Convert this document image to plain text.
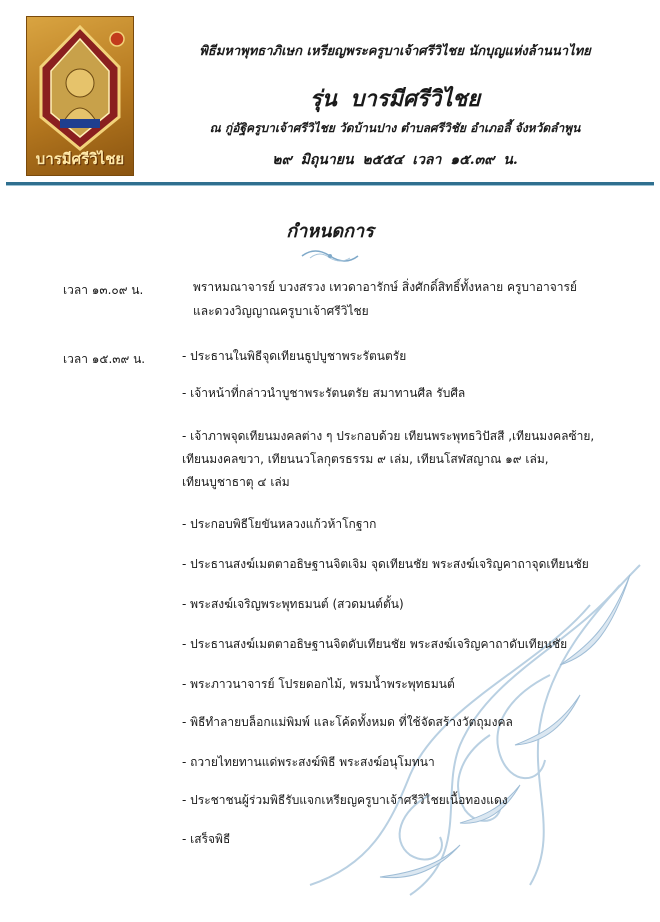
บารมีศรีวิไชย
พิธีมหาพุทธาภิเษก เหรียญพระครูบาเจ้าศรีวิไชย นักบุญแห่งล้านนาไทย
รุ่น บารมีศรีวิไชย
ณ กู่อัฐิครูบาเจ้าศรีวิไชย วัดบ้านปาง ตำบลศรีวิชัย อำเภอลี้ จังหวัดลำพูน
๒๙ มิถุนายน ๒๕๕๔ เวลา ๑๕.๓๙ น.
กำหนดการ
เวลา ๑๓.๐๙ น.	พราหมณาจารย์ บวงสรวง เทวดาอารักษ์ สิ่งศักดิ์สิทธิ์ทั้งหลาย ครูบาอาจารย์
และดวงวิญญาณครูบาเจ้าศรีวิไชย
เวลา ๑๕.๓๙ น.	- ประธานในพิธีจุดเทียนธูปบูชาพระรัตนตรัย
- เจ้าหน้าที่กล่าวนำบูชาพระรัตนตรัย สมาทานศีล รับศีล
- เจ้าภาพจุดเทียนมงคลต่าง ๆ ประกอบด้วย เทียนพระพุทธวิปัสสี ,เทียนมงคลซ้าย,
เทียนมงคลขวา, เทียนนวโลกุตรธรรม ๙ เล่ม, เทียนโสฬสญาณ ๑๙ เล่ม,
เทียนบูชาธาตุ ๔ เล่ม
- ประกอบพิธีโยขันหลวงแก้วห้าโกฐาก
- ประธานสงฆ์เมตตาอธิษฐานจิตเจิม จุดเทียนชัย พระสงฆ์เจริญคาถาจุดเทียนชัย
- พระสงฆ์เจริญพระพุทธมนต์ (สวดมนต์ตั้น)
- ประธานสงฆ์เมตตาอธิษฐานจิตดับเทียนชัย พระสงฆ์เจริญคาถาดับเทียนชัย
- พระภาวนาจารย์ โปรยดอกไม้, พรมน้ำพระพุทธมนต์
- พิธีทำลายบล็อกแม่พิมพ์ และโค้ดทั้งหมด ที่ใช้จัดสร้างวัตถุมงคล
- ถวายไทยทานแด่พระสงฆ์พิธี พระสงฆ์อนุโมทนา
- ประชาชนผู้ร่วมพิธีรับแจกเหรียญครูบาเจ้าศรีวิไชยเนื้อทองแดง
- เสร็จพิธี
